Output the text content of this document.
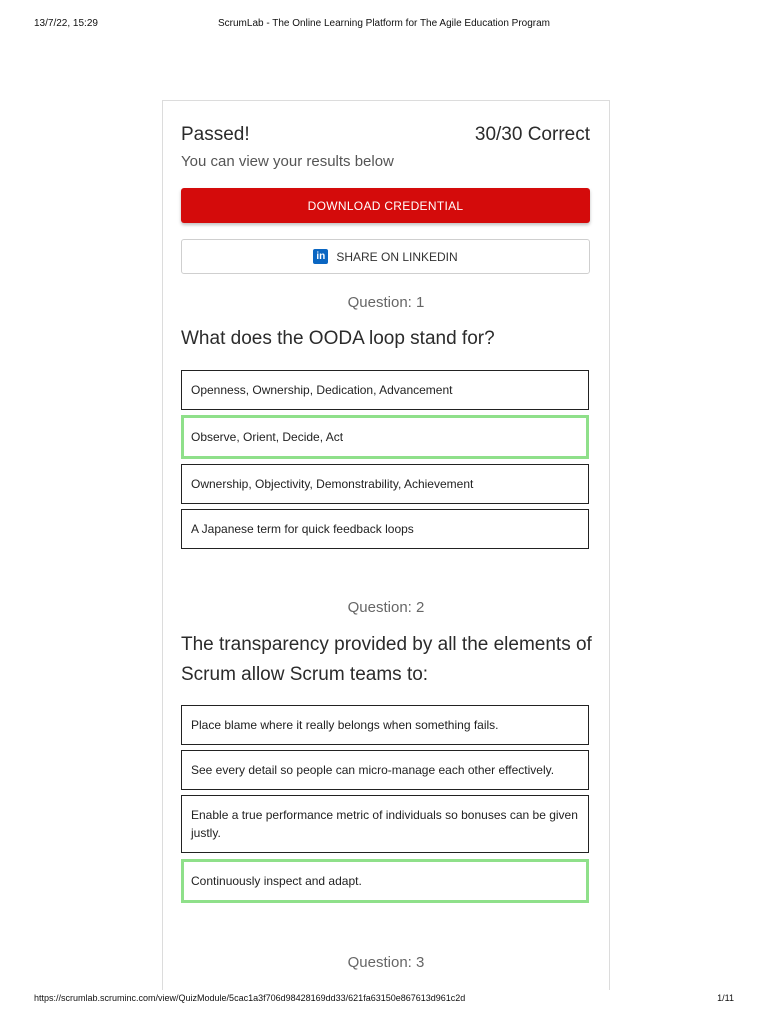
13/7/22, 15:29	ScrumLab - The Online Learning Platform for The Agile Education Program
Passed!	30/30 Correct
You can view your results below
DOWNLOAD CREDENTIAL
in SHARE ON LINKEDIN
Question: 1
What does the OODA loop stand for?
Openness, Ownership, Dedication, Advancement
Observe, Orient, Decide, Act
Ownership, Objectivity, Demonstrability, Achievement
A Japanese term for quick feedback loops
Question: 2
The transparency provided by all the elements of Scrum allow Scrum teams to:
Place blame where it really belongs when something fails.
See every detail so people can micro-manage each other effectively.
Enable a true performance metric of individuals so bonuses can be given justly.
Continuously inspect and adapt.
Question: 3
https://scrumlab.scruminc.com/view/QuizModule/5cac1a3f706d98428169dd33/621fa63150e867613d961c2d	1/11
